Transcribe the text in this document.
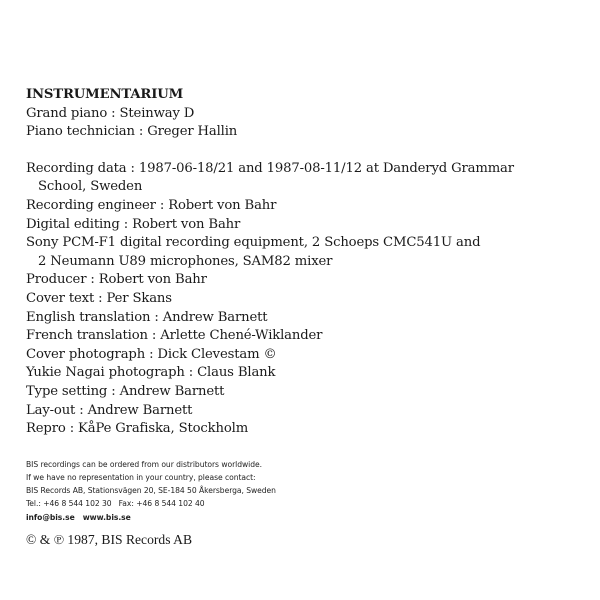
INSTRUMENTARIUM
Grand piano : Steinway D
Piano technician : Greger Hallin
Recording data : 1987-06-18/21 and 1987-08-11/12 at Danderyd Grammar
School, Sweden
Recording engineer : Robert von Bahr
Digital editing : Robert von Bahr
Sony PCM-F1 digital recording equipment, 2 Schoeps CMC541U and
2 Neumann U89 microphones, SAM82 mixer
Producer : Robert von Bahr
Cover text : Per Skans
English translation : Andrew Barnett
French translation : Arlette Chené-Wiklander
Cover photograph : Dick Clevestam ©
Yukie Nagai photograph : Claus Blank
Type setting : Andrew Barnett
Lay-out : Andrew Barnett
Repro : KåPe Grafiska, Stockholm
BIS recordings can be ordered from our distributors worldwide.
If we have no representation in your country, please contact:
BIS Records AB, Stationsvägen 20, SE-184 50 Åkersberga, Sweden
Tel.: +46 8 544 102 30   Fax: +46 8 544 102 40
info@bis.se www.bis.se
© & ℗ 1987, BIS Records AB
